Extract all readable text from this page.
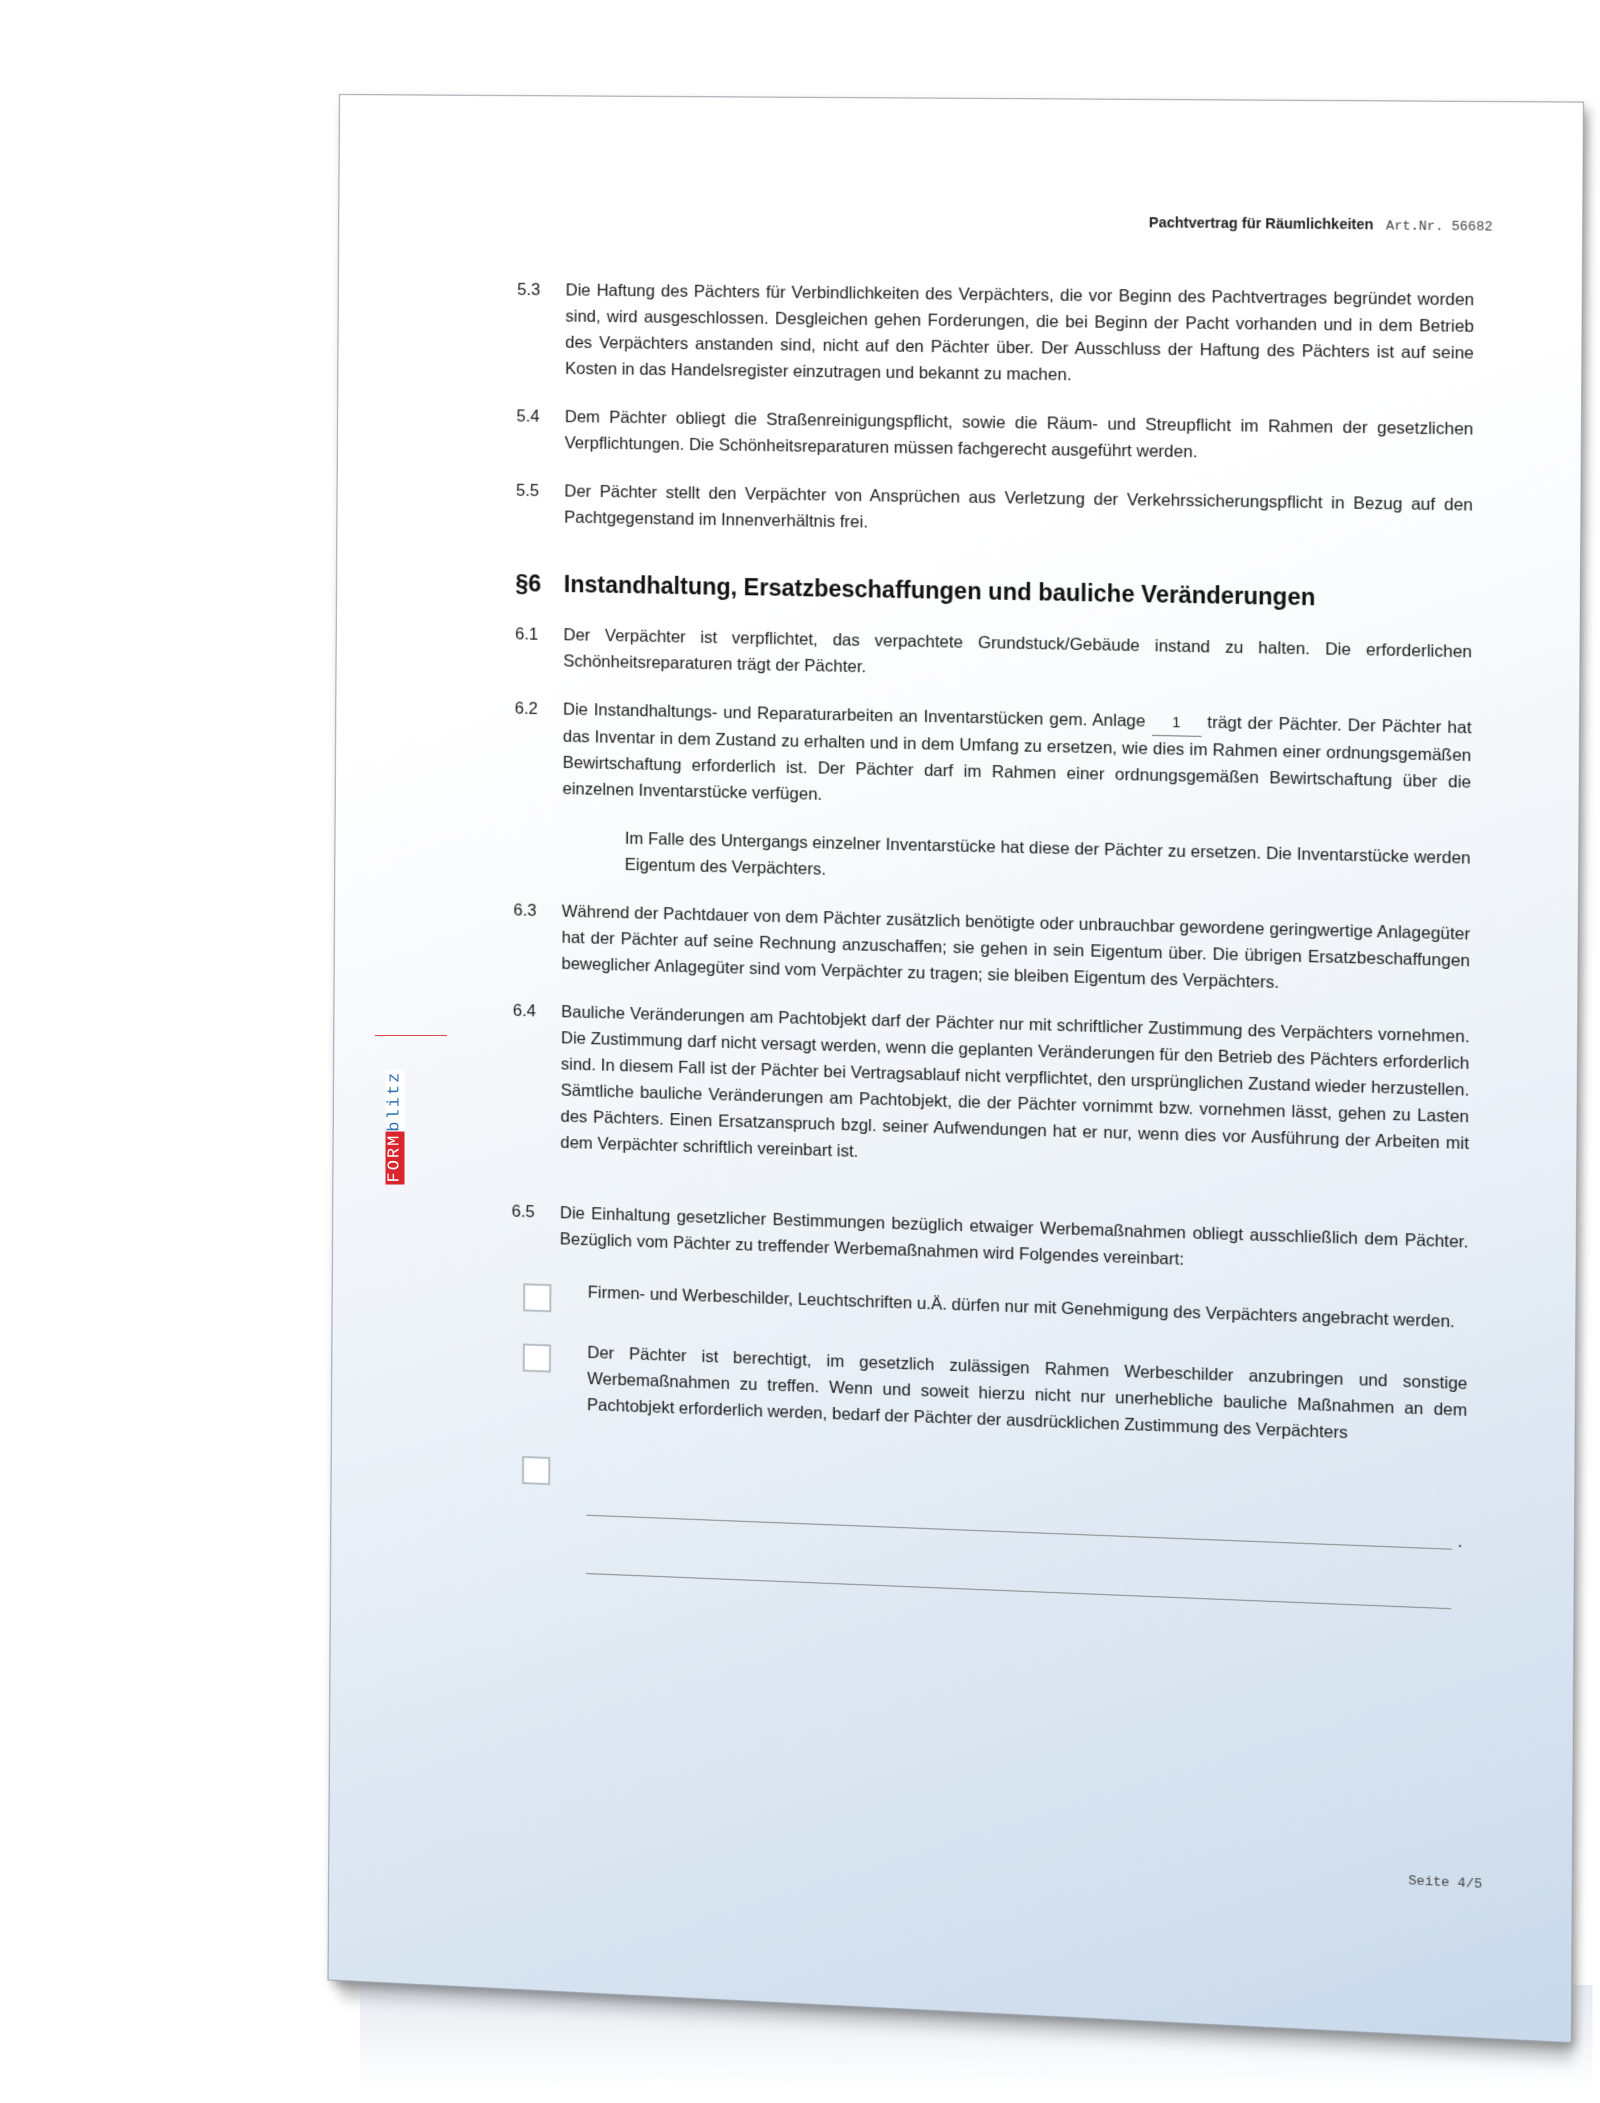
Pachtvertrag für Räumlichkeiten Art.Nr. 56682
5.3	Die Haftung des Pächters für Verbindlichkeiten des Verpächters, die vor Beginn des Pachtvertrages begründet worden sind, wird ausgeschlossen. Desgleichen gehen Forderungen, die bei Beginn der Pacht vorhanden und in dem Betrieb des Verpächters anstanden sind, nicht auf den Pächter über. Der Ausschluss der Haftung des Pächters ist auf seine Kosten in das Handelsregister einzutragen und bekannt zu machen.
5.4	Dem Pächter obliegt die Straßenreinigungspflicht, sowie die Räum- und Streupflicht im Rahmen der gesetzlichen Verpflichtungen. Die Schönheitsreparaturen müssen fachgerecht ausgeführt werden.
5.5	Der Pächter stellt den Verpächter von Ansprüchen aus Verletzung der Verkehrssicherungspflicht in Bezug auf den Pachtgegenstand im Innenverhältnis frei.
§6 Instandhaltung, Ersatzbeschaffungen und bauliche Veränderungen
6.1	Der Verpächter ist verpflichtet, das verpachtete Grundstuck/Gebäude instand zu halten. Die erforderlichen Schönheitsreparaturen trägt der Pächter.
6.2	Die Instandhaltungs- und Reparaturarbeiten an Inventarstücken gem. Anlage 1 trägt der Pächter. Der Pächter hat das Inventar in dem Zustand zu erhalten und in dem Umfang zu ersetzen, wie dies im Rahmen einer ordnungsgemäßen Bewirtschaftung erforderlich ist. Der Pächter darf im Rahmen einer ordnungsgemäßen Bewirtschaftung über die einzelnen Inventarstücke verfügen.
Im Falle des Untergangs einzelner Inventarstücke hat diese der Pächter zu ersetzen. Die Inventarstücke werden Eigentum des Verpächters.
6.3	Während der Pachtdauer von dem Pächter zusätzlich benötigte oder unbrauchbar gewordene geringwertige Anlagegüter hat der Pächter auf seine Rechnung anzuschaffen; sie gehen in sein Eigentum über. Die übrigen Ersatzbeschaffungen beweglicher Anlagegüter sind vom Verpächter zu tragen; sie bleiben Eigentum des Verpächters.
6.4	Bauliche Veränderungen am Pachtobjekt darf der Pächter nur mit schriftlicher Zustimmung des Verpächters vornehmen. Die Zustimmung darf nicht versagt werden, wenn die geplanten Veränderungen für den Betrieb des Pächters erforderlich sind. In diesem Fall ist der Pächter bei Vertragsablauf nicht verpflichtet, den ursprünglichen Zustand wieder herzustellen. Sämtliche bauliche Veränderungen am Pachtobjekt, die der Pächter vornimmt bzw. vornehmen lässt, gehen zu Lasten des Pächters. Einen Ersatzanspruch bzgl. seiner Aufwendungen hat er nur, wenn dies vor Ausführung der Arbeiten mit dem Verpächter schriftlich vereinbart ist.
6.5	Die Einhaltung gesetzlicher Bestimmungen bezüglich etwaiger Werbemaßnahmen obliegt ausschließlich dem Pächter. Bezüglich vom Pächter zu treffender Werbemaßnahmen wird Folgendes vereinbart:
Firmen- und Werbeschilder, Leuchtschriften u.Ä. dürfen nur mit Genehmigung des Verpächters angebracht werden.
Der Pächter ist berechtigt, im gesetzlich zulässigen Rahmen Werbeschilder anzubringen und sonstige Werbemaßnahmen zu treffen. Wenn und soweit hierzu nicht nur unerhebliche bauliche Maßnahmen an dem Pachtobjekt erforderlich werden, bedarf der Pächter der ausdrücklichen Zustimmung des Verpächters
.
Seite 4/5
FORMblitz
